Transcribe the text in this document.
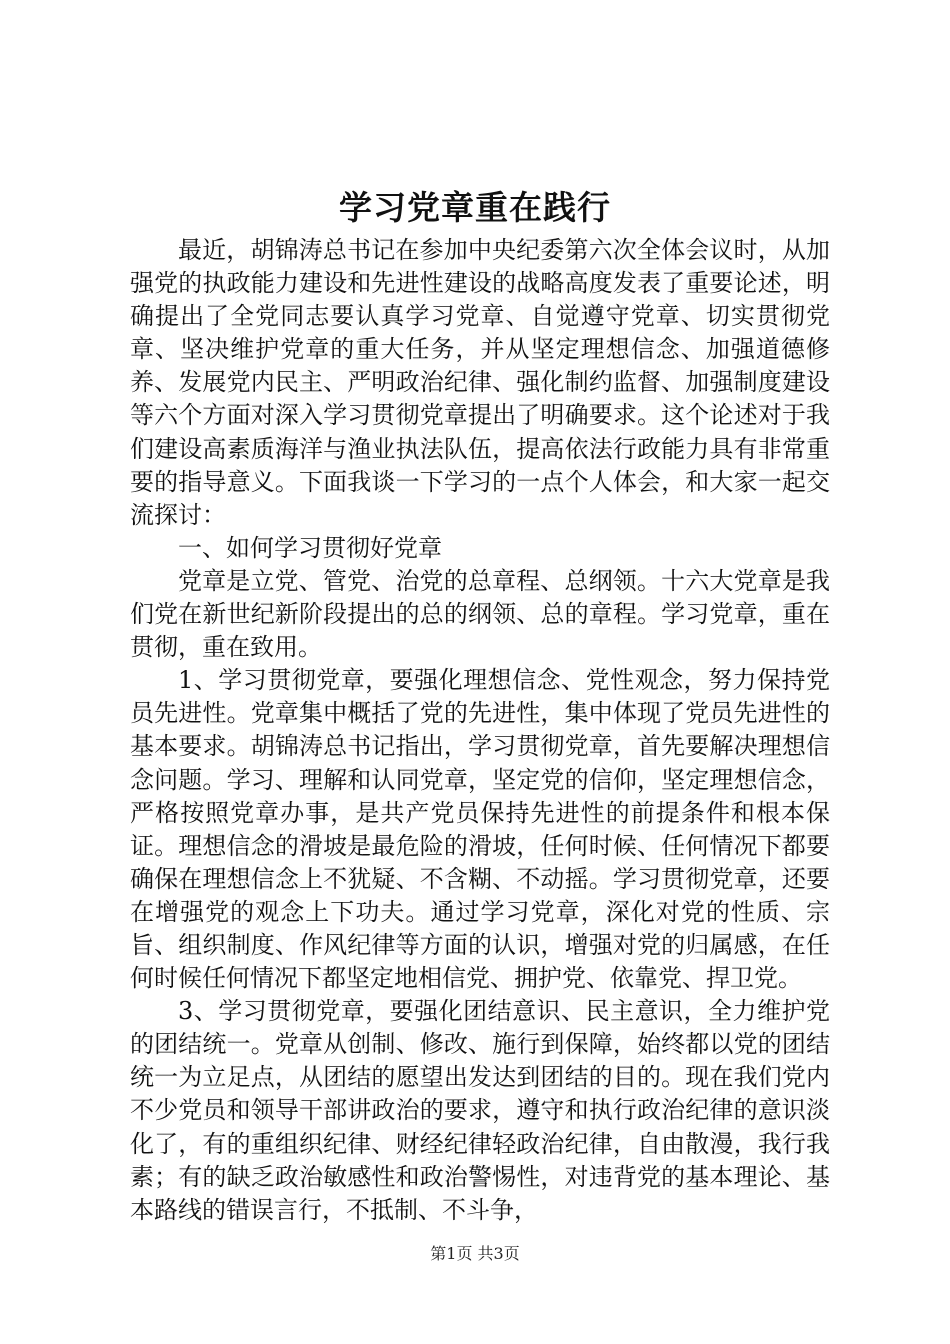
学习党章重在践行

最近，胡锦涛总书记在参加中央纪委第六次全体会议时，从加强党的执政能力建设和先进性建设的战略高度发表了重要论述，明确提出了全党同志要认真学习党章、自觉遵守党章、切实贯彻党章、坚决维护党章的重大任务，并从坚定理想信念、加强道德修养、发展党内民主、严明政治纪律、强化制约监督、加强制度建设等六个方面对深入学习贯彻党章提出了明确要求。这个论述对于我们建设高素质海洋与渔业执法队伍，提高依法行政能力具有非常重要的指导意义。下面我谈一下学习的一点个人体会，和大家一起交流探讨：

一、如何学习贯彻好党章

党章是立党、管党、治党的总章程、总纲领。十六大党章是我们党在新世纪新阶段提出的总的纲领、总的章程。学习党章，重在贯彻，重在致用。

1、学习贯彻党章，要强化理想信念、党性观念，努力保持党员先进性。党章集中概括了党的先进性，集中体现了党员先进性的基本要求。胡锦涛总书记指出，学习贯彻党章，首先要解决理想信念问题。学习、理解和认同党章，坚定党的信仰，坚定理想信念，严格按照党章办事，是共产党员保持先进性的前提条件和根本保证。理想信念的滑坡是最危险的滑坡，任何时候、任何情况下都要确保在理想信念上不犹疑、不含糊、不动摇。学习贯彻党章，还要在增强党的观念上下功夫。通过学习党章，深化对党的性质、宗旨、组织制度、作风纪律等方面的认识，增强对党的归属感，在任何时候任何情况下都坚定地相信党、拥护党、依靠党、捍卫党。

3、学习贯彻党章，要强化团结意识、民主意识，全力维护党的团结统一。党章从创制、修改、施行到保障，始终都以党的团结统一为立足点，从团结的愿望出发达到团结的目的。现在我们党内不少党员和领导干部讲政治的要求，遵守和执行政治纪律的意识淡化了，有的重组织纪律、财经纪律轻政治纪律，自由散漫，我行我素；有的缺乏政治敏感性和政治警惕性，对违背党的基本理论、基本路线的错误言行，不抵制、不斗争，

第1页 共3页
